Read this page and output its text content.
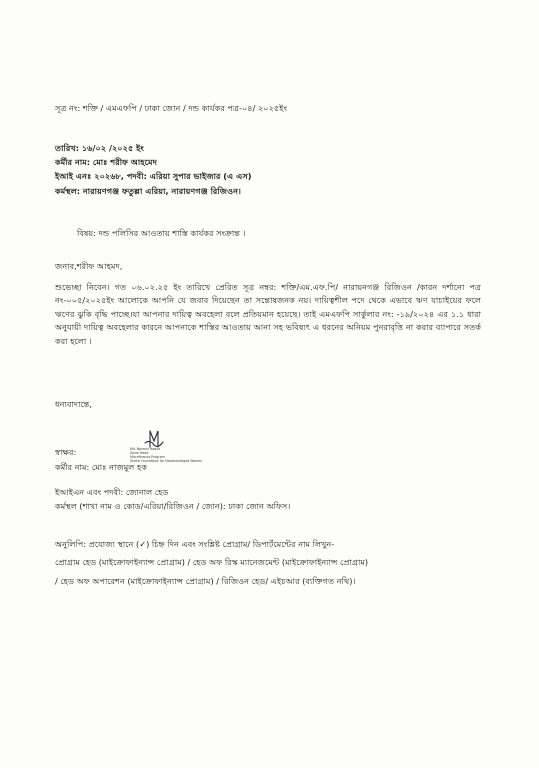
সূত্র নং: শক্তি / এমএফপি / ঢাকা জোন / দন্ড কার্যকর পত্র-০৪/ ২০২৫ইং
তারিখ: ১৬/০২ /২০২৫ ইং
কর্মীর নাম: মোঃ শরীফ আহমেদ
ইআই এনঃ ২০২৬৮, পদবী: এরিয়া সুপার ভাইজার (এ এস)
কর্মস্থল: নারায়ণগঞ্জ ফতুল্লা এরিয়া, নারায়ণগঞ্জ রিজিওন।
বিষয়: দন্ড পলিসির আওতায় শাস্তি কার্যকর সংক্রান্ত ।
জনাব,শরীফ আহমদ,
শুভেচ্ছা নিবেন। গত ০৬.০২.২৫ ইং তারিখে প্রেরিত সূত্র নম্বর: শক্তি/এম.এফ.পি/ নারায়নগঞ্জ রিজিওন /কারন দর্শানো পত্র নং-০০৫/২০২৫ইং আলোকে আপনি যে জবাব দিয়েছেন তা সন্তোষজনক নয়। দায়িত্বশীল পদে থেকে এভাবে ঋণ যাচাইয়ের ফলে ঋণের ঝুকি বৃদ্ধি পাচ্ছে।যা আপনার দায়িত্ব অবহেলা বলে প্রতিয়মান হয়েছে। তাই এমএফপি সার্কুলার নং: -১৯/২০২৪ এর ১.১ ধারা অনুযায়ী দায়িত্ব অবহেলার কারনে আপনাকে শাস্তির আওতায় আনা সহ ভবিষ্যৎ এ ধরনের অনিয়ম পুনরাবৃত্তি না করার ব্যাপারে সতর্ক করা হলো ।
ধন্যবাদান্তে,
Md. Nazmul Haque
Zonal Head
Microfinance Program
Shakti Foundation for Disadvantaged Women
স্বাক্ষর:
কর্মীর নাম: মোঃ নাজমুল হক
ইআইএন এবং পদবী: জোনাল হেড
কর্মস্থল (শাখা নাম ও কোড/এরিয়া/রিজিওন / জোন): ঢাকা জোন অফিস।
অনুলিপি: প্রযোজ্য স্থানে (✓) চিহ্ন দিন এবং সংশ্লিষ্ট প্রোগ্রাম/ ডিপার্টমেন্টের নাম লিখুন-
প্রোগ্রাম হেড (মাইক্রোফাইন্যান্স প্রোগ্রাম) / হেড অফ রিস্ক ম্যানেজমেন্ট (মাইক্রোফাইন্যান্স প্রোগ্রাম)
/ হেড অফ অপারেশন (মাইক্রোফাইন্যান্স প্রোগ্রাম) / রিজিওন হেড/ এইচআর (ব্যক্তিগত নথি)।
